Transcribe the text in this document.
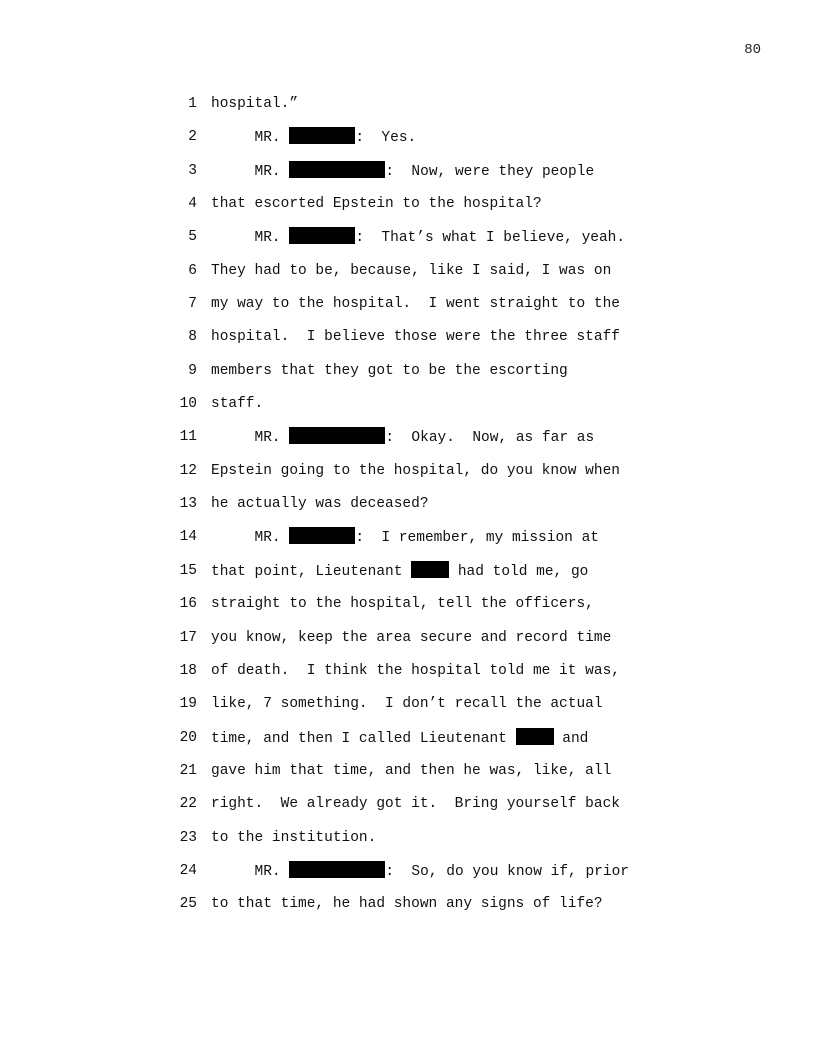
80
1 hospital.”
2 MR.	:  Yes.
3 MR.	:  Now, were they people
4 that escorted Epstein to the hospital?
5 MR.	:  That’s what I believe, yeah.
6 They had to be, because, like I said, I was on
7 my way to the hospital.  I went straight to the
8 hospital.  I believe those were the three staff
9 members that they got to be the escorting
10 staff.
11 MR.	:  Okay.  Now, as far as
12 Epstein going to the hospital, do you know when
13 he actually was deceased?
14 MR.	:  I remember, my mission at
15 that point, Lieutenant	had told me, go
16 straight to the hospital, tell the officers,
17 you know, keep the area secure and record time
18 of death.  I think the hospital told me it was,
19 like, 7 something.  I don’t recall the actual
20 time, and then I called Lieutenant	and
21 gave him that time, and then he was, like, all
22 right.  We already got it.  Bring yourself back
23 to the institution.
24 MR.	:  So, do you know if, prior
25 to that time, he had shown any signs of life?
